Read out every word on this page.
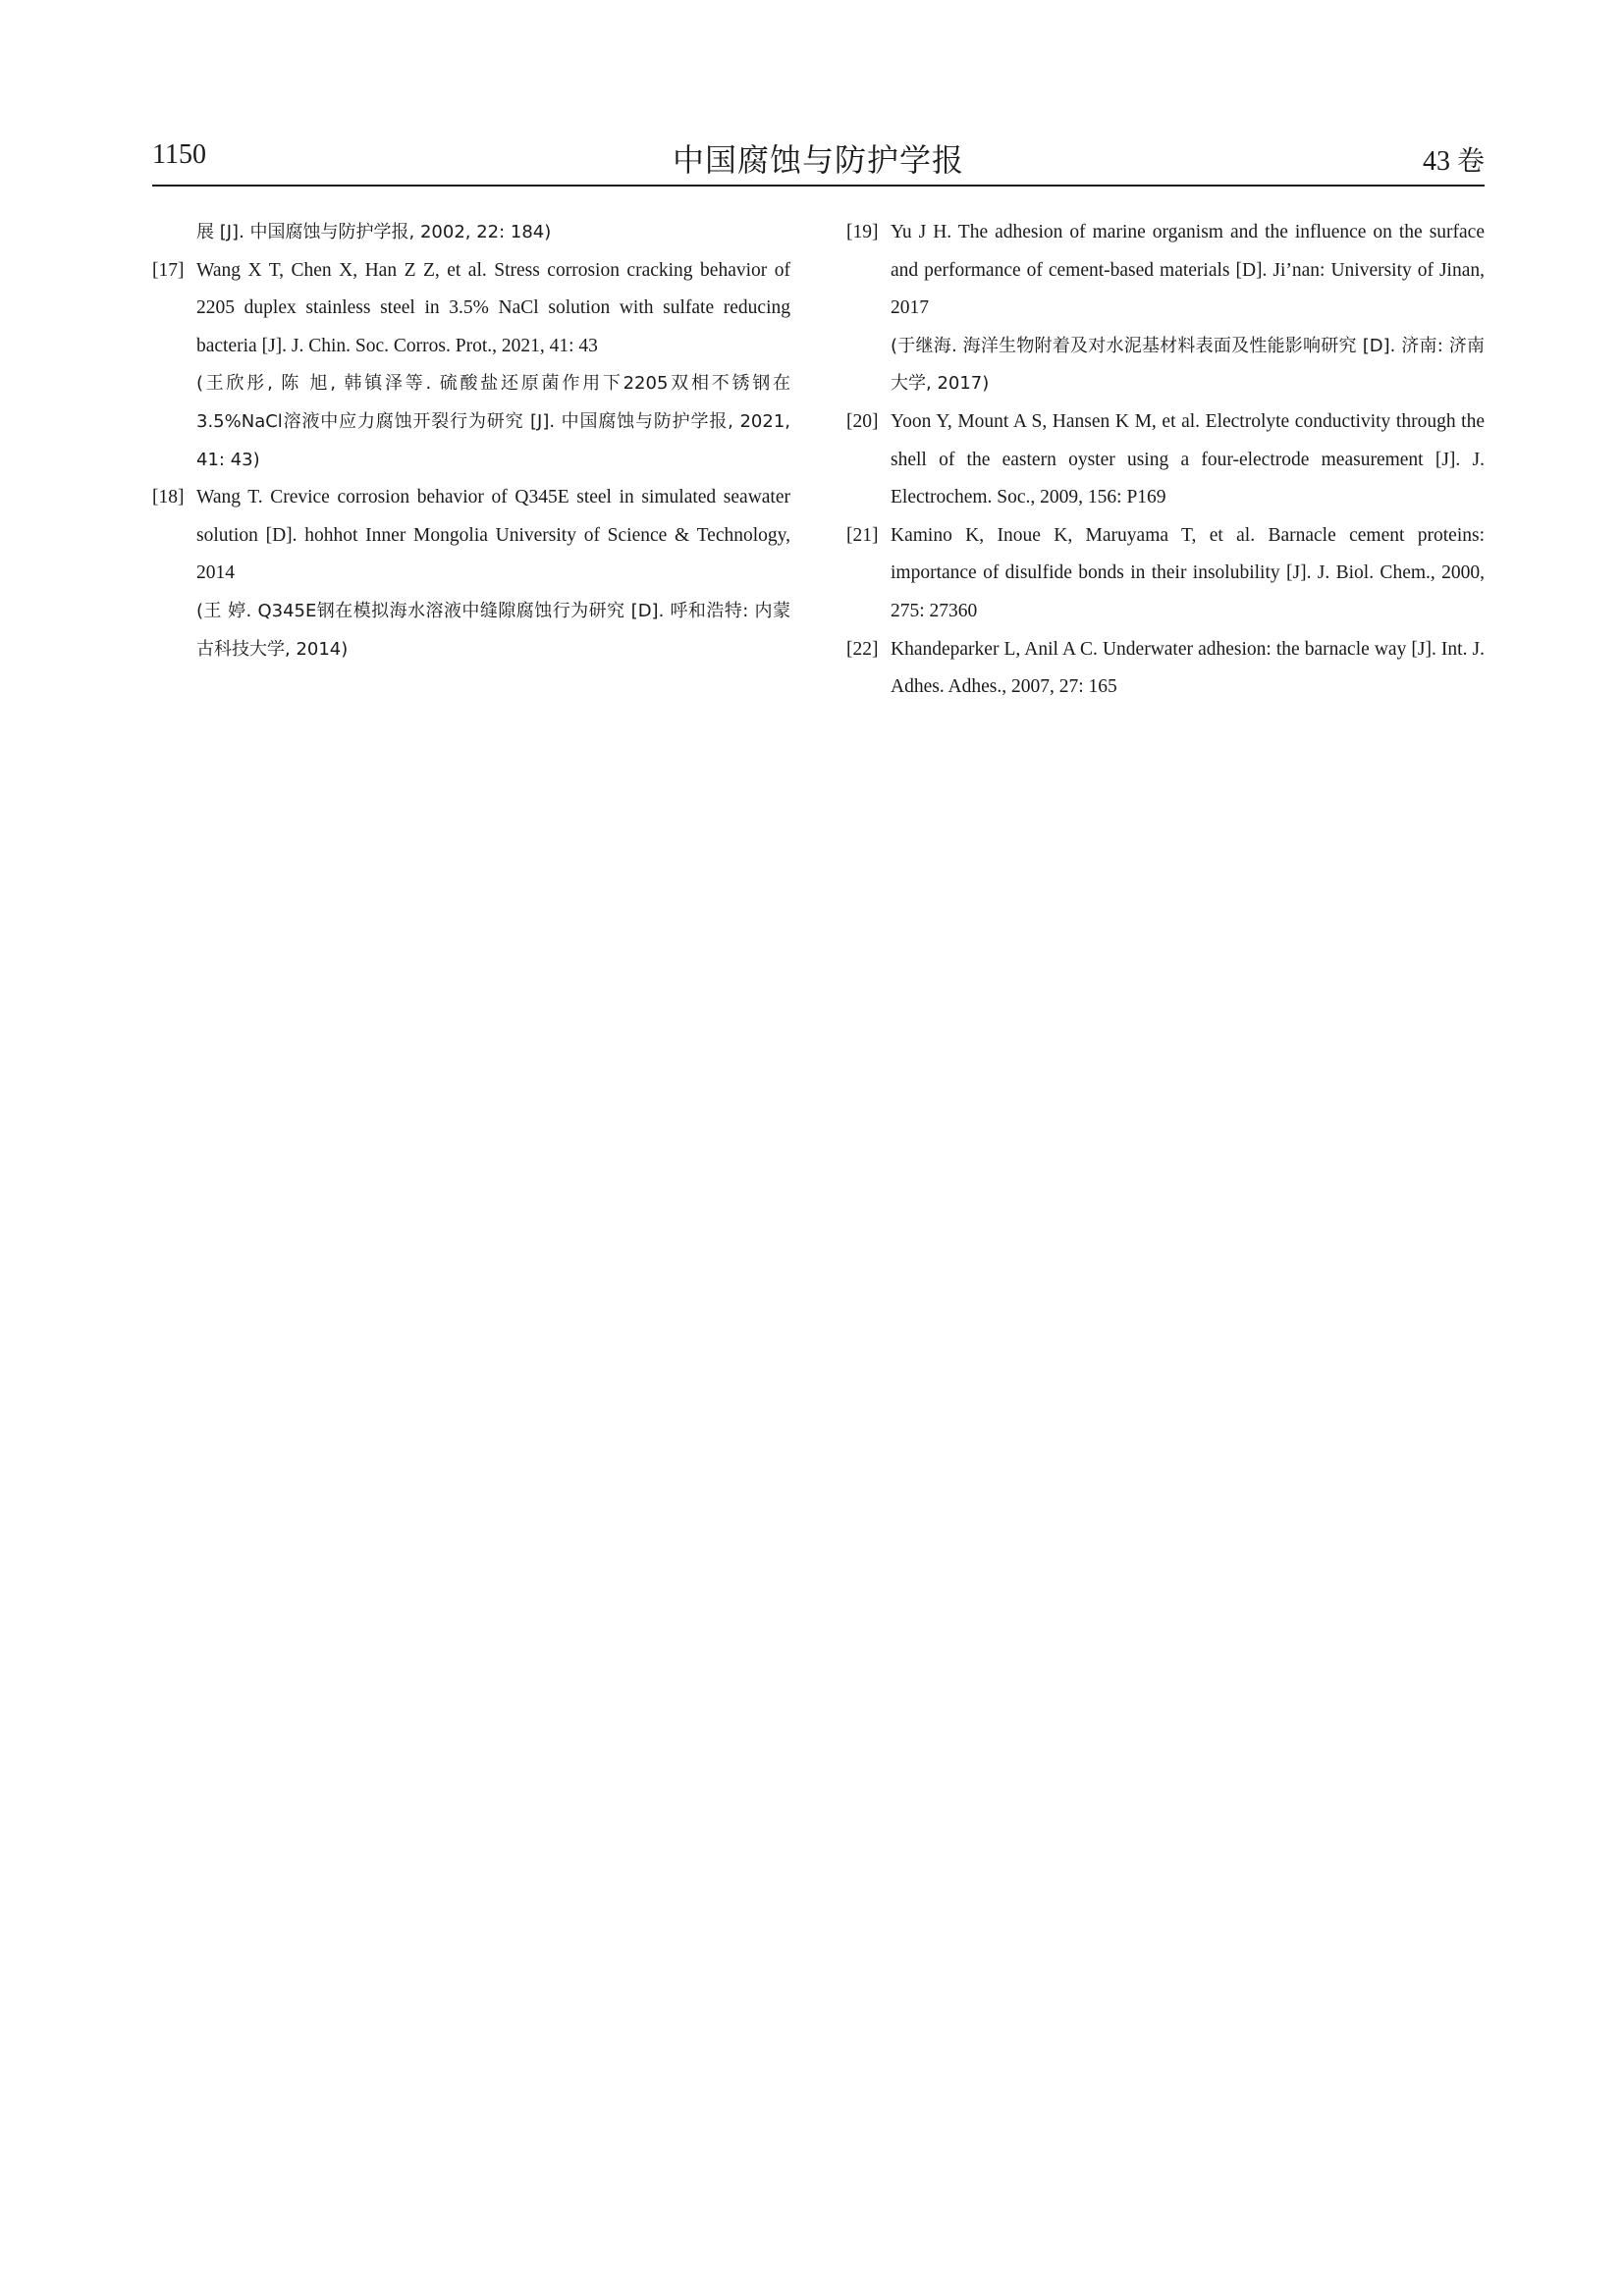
1150	中国腐蚀与防护学报	43 卷
展 [J]. 中国腐蚀与防护学报, 2002, 22: 184)
[17] Wang X T, Chen X, Han Z Z, et al. Stress corrosion cracking behavior of 2205 duplex stainless steel in 3.5% NaCl solution with sulfate reducing bacteria [J]. J. Chin. Soc. Corros. Prot., 2021, 41: 43
(王欣彤, 陈 旭, 韩镇泽等. 硫酸盐还原菌作用下2205双相不锈钢在3.5%NaCl溶液中应力腐蚀开裂行为研究 [J]. 中国腐蚀与防护学报, 2021, 41: 43)
[18] Wang T. Crevice corrosion behavior of Q345E steel in simulated seawater solution [D]. hohhot Inner Mongolia University of Science & Technology, 2014
(王 婷. Q345E钢在模拟海水溶液中缝隙腐蚀行为研究 [D]. 呼和浩特: 内蒙古科技大学, 2014)
[19] Yu J H. The adhesion of marine organism and the influence on the surface and performance of cement-based materials [D]. Ji’nan: University of Jinan, 2017
(于继海. 海洋生物附着及对水泥基材料表面及性能影响研究 [D]. 济南: 济南大学, 2017)
[20] Yoon Y, Mount A S, Hansen K M, et al. Electrolyte conductivity through the shell of the eastern oyster using a four-electrode measurement [J]. J. Electrochem. Soc., 2009, 156: P169
[21] Kamino K, Inoue K, Maruyama T, et al. Barnacle cement proteins: importance of disulfide bonds in their insolubility [J]. J. Biol. Chem., 2000, 275: 27360
[22] Khandeparker L, Anil A C. Underwater adhesion: the barnacle way [J]. Int. J. Adhes. Adhes., 2007, 27: 165
